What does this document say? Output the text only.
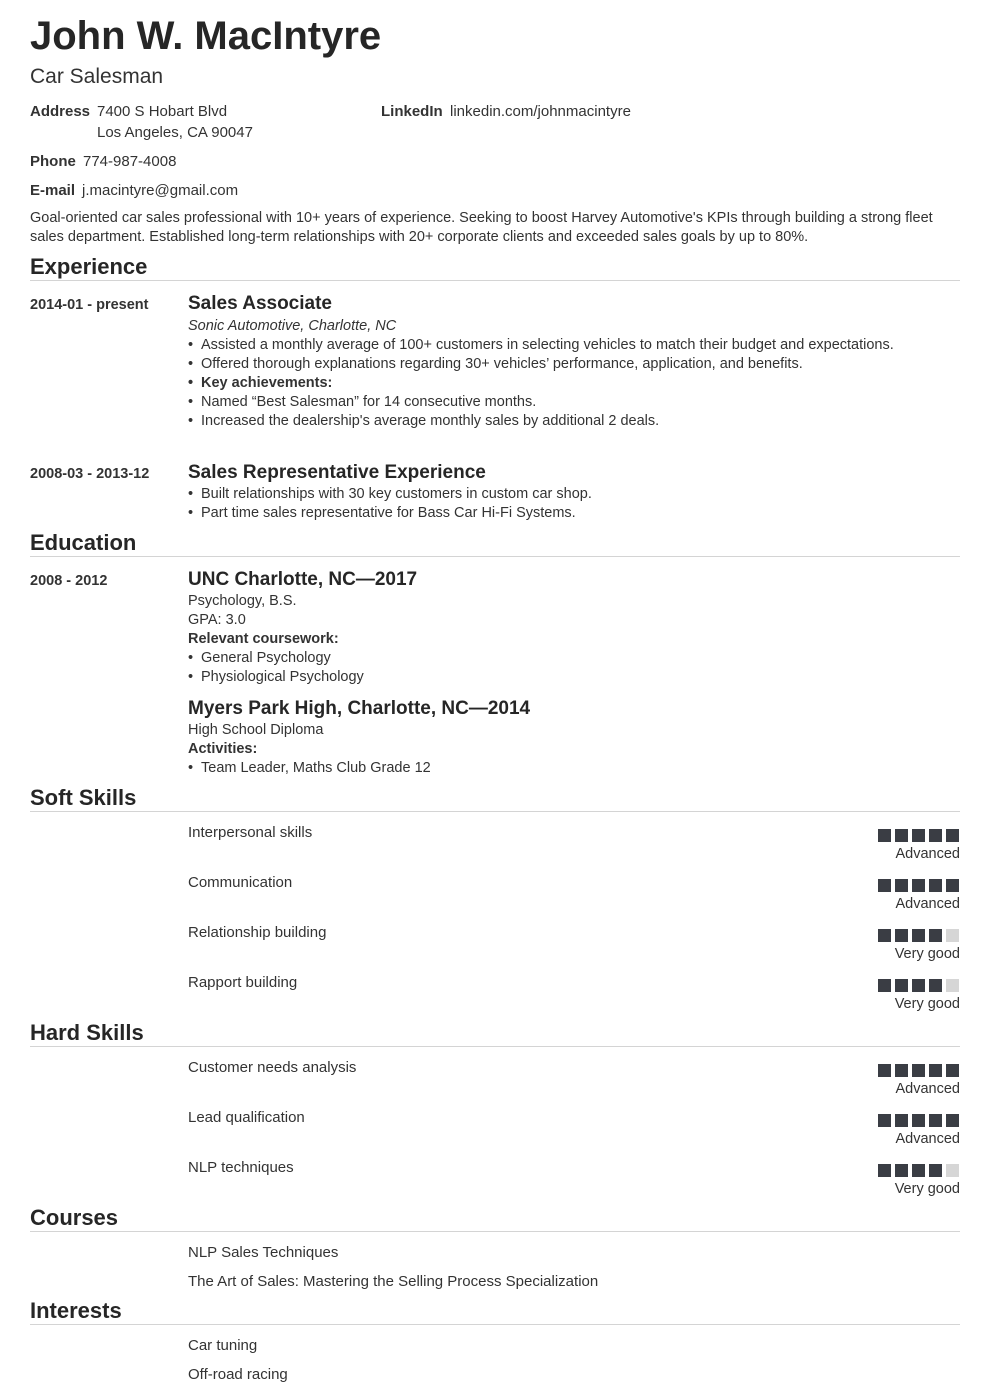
John W. MacIntyre
Car Salesman
Address 7400 S Hobart Blvd
Los Angeles, CA 90047
LinkedIn linkedin.com/johnmacintyre
Phone 774-987-4008
E-mail j.macintyre@gmail.com
Goal-oriented car sales professional with 10+ years of experience. Seeking to boost Harvey Automotive's KPIs through building a strong fleet sales department. Established long-term relationships with 20+ corporate clients and exceeded sales goals by up to 80%.
Experience
2014-01 - present Sales Associate
Sonic Automotive, Charlotte, NC
• Assisted a monthly average of 100+ customers in selecting vehicles to match their budget and expectations.
• Offered thorough explanations regarding 30+ vehicles’ performance, application, and benefits.
• Key achievements:
• Named “Best Salesman” for 14 consecutive months.
• Increased the dealership's average monthly sales by additional 2 deals.
2008-03 - 2013-12 Sales Representative Experience
• Built relationships with 30 key customers in custom car shop.
• Part time sales representative for Bass Car Hi-Fi Systems.
Education
2008 - 2012	UNC Charlotte, NC—2017
Psychology, B.S.
GPA: 3.0
Relevant coursework:
• General Psychology
• Physiological Psychology
Myers Park High, Charlotte, NC—2014
High School Diploma
Activities:
• Team Leader, Maths Club Grade 12
Soft Skills
Interpersonal skills
Advanced
Communication
Advanced
Relationship building
Very good
Rapport building
Very good
Hard Skills
Customer needs analysis
Advanced
Lead qualification
Advanced
NLP techniques
Very good
Courses
NLP Sales Techniques
The Art of Sales: Mastering the Selling Process Specialization
Interests
Car tuning
Off-road racing
